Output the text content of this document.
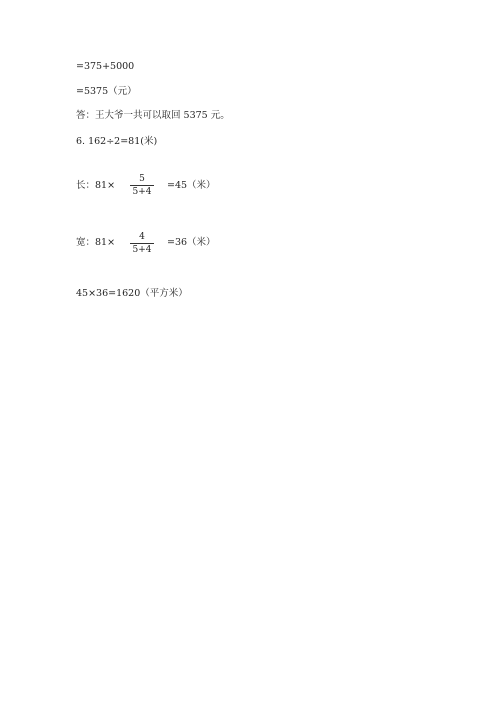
=375+5000
=5375（元）
答：王大爷一共可以取回 5375 元。
6. 162÷2=81(米)
长：81×
5
5+4
=45（米）
宽：81×	4
5+4
=36（米）
45×36=1620（平方米）
